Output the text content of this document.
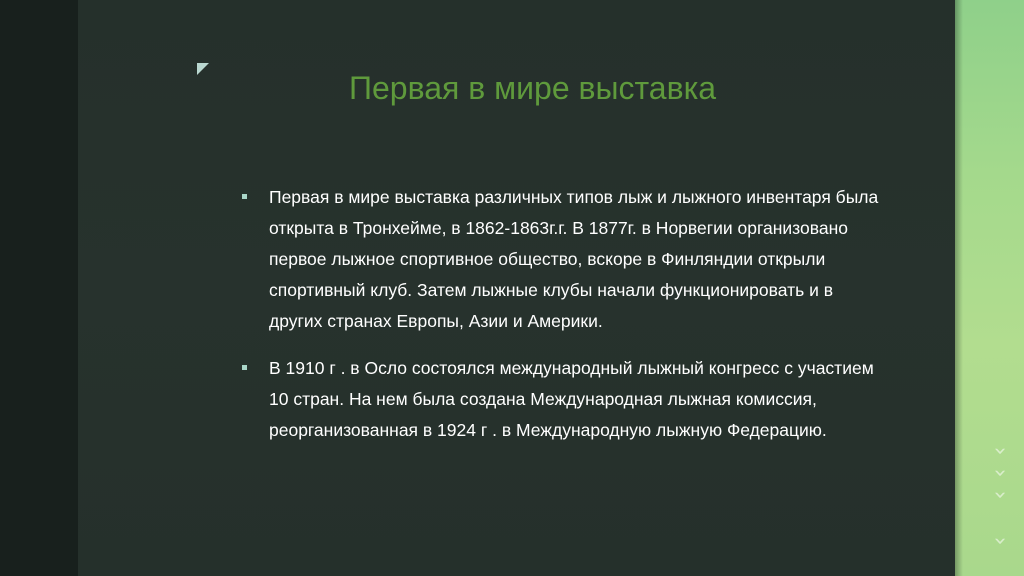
›
›
›
›
Первая в мире выставка
Первая в мире выставка различных типов лыж и лыжного инвентаря была открыта в Тронхейме, в 1862-1863г.г. В 1877г. в Норвегии организовано первое лыжное спортивное общество, вскоре в Финляндии открыли спортивный клуб. Затем лыжные клубы начали функционировать и в других странах Европы, Азии и Америки.
В 1910 г . в Осло состоялся международный лыжный конгресс с участием 10 стран. На нем была создана Международная лыжная комиссия, реорганизованная в 1924 г . в Международную лыжную Федерацию.
